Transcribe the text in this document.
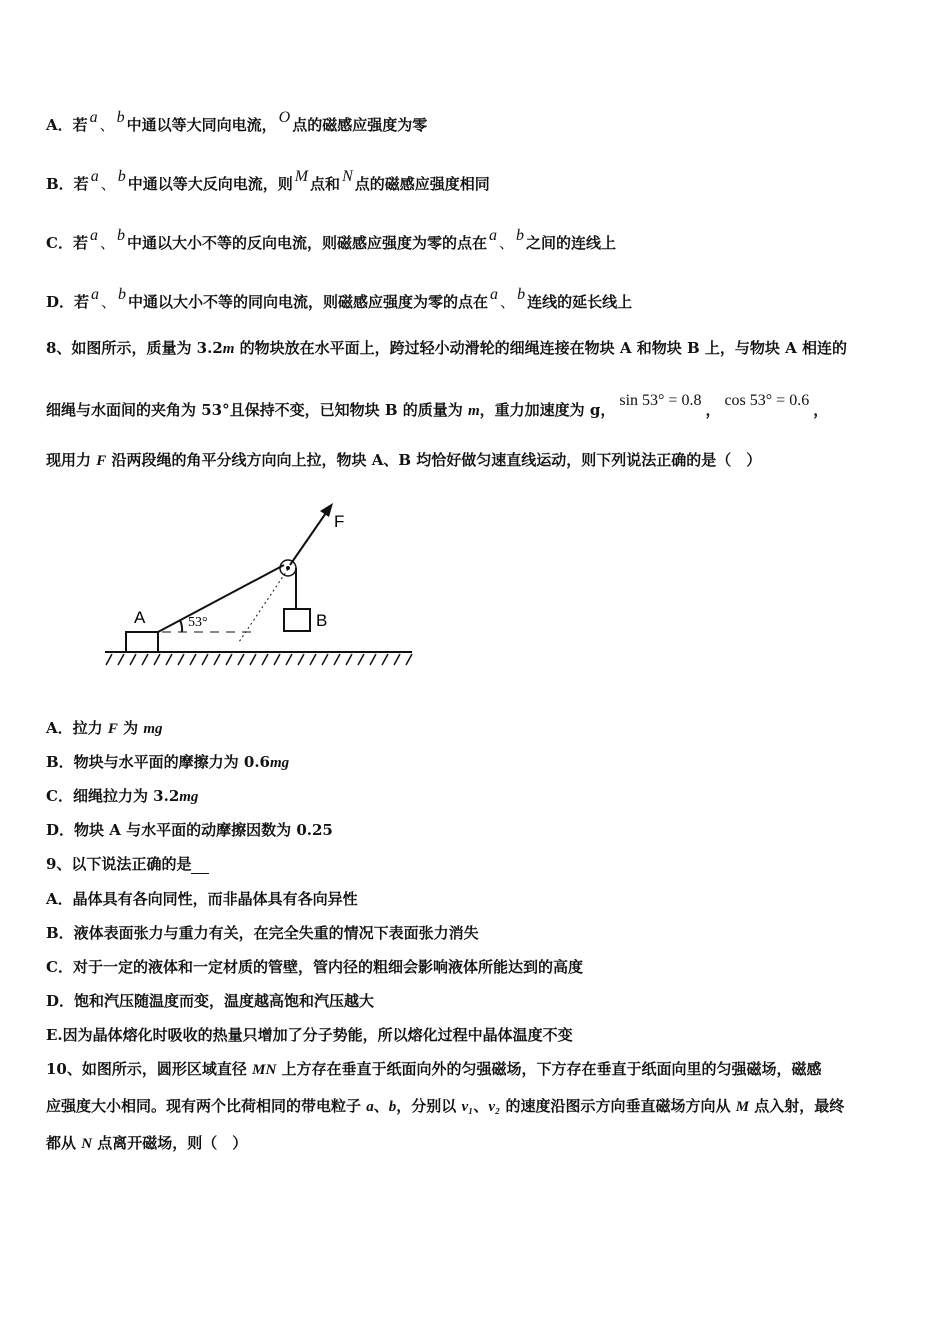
A．若 a 、 b 中通以等大同向电流， O 点的磁感应强度为零
B．若 a 、 b 中通以等大反向电流，则 M 点和 N 点的磁感应强度相同
C．若 a 、 b 中通以大小不等的反向电流，则磁感应强度为零的点在 a 、 b 之间的连线上
D．若 a 、 b 中通以大小不等的同向电流，则磁感应强度为零的点在 a 、 b 连线的延长线上
8、如图所示，质量为 3.2m 的物块放在水平面上，跨过轻小动滑轮的细绳连接在物块 A 和物块 B 上，与物块 A 相连的
细绳与水面间的夹角为 53°且保持不变，已知物块 B 的质量为 m，重力加速度为 g，sin 53° = 0.8，cos 53° = 0.6，
现用力 F 沿两段绳的角平分线方向向上拉，物块 A、B 均恰好做匀速直线运动，则下列说法正确的是（　）
A	53°	B
F
A．拉力 F 为 mg
B．物块与水平面的摩擦力为 0.6mg
C．细绳拉力为 3.2mg
D．物块 A 与水平面的动摩擦因数为 0.25
9、以下说法正确的是
A．晶体具有各向同性，而非晶体具有各向异性
B．液体表面张力与重力有关，在完全失重的情况下表面张力消失
C．对于一定的液体和一定材质的管壁，管内径的粗细会影响液体所能达到的高度
D．饱和汽压随温度而变，温度越高饱和汽压越大
E.因为晶体熔化时吸收的热量只增加了分子势能，所以熔化过程中晶体温度不变
10、如图所示，圆形区域直径 MN 上方存在垂直于纸面向外的匀强磁场，下方存在垂直于纸面向里的匀强磁场，磁感
应强度大小相同。现有两个比荷相同的带电粒子 a、b，分别以 v₁、v₂ 的速度沿图示方向垂直磁场方向从 M 点入射，最终
都从 N 点离开磁场，则（　）
